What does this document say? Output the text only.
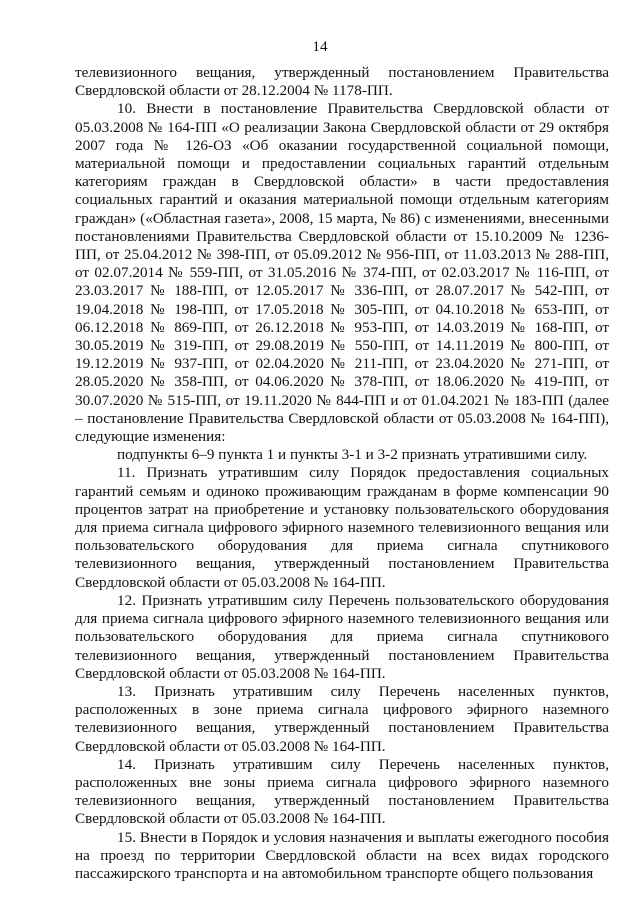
14

телевизионного вещания, утвержденный постановлением Правительства Свердловской области от 28.12.2004 № 1178-ПП.

10. Внести в постановление Правительства Свердловской области от 05.03.2008 № 164-ПП «О реализации Закона Свердловской области от 29 октября 2007 года № 126-ОЗ «Об оказании государственной социальной помощи, материальной помощи и предоставлении социальных гарантий отдельным категориям граждан в Свердловской области» в части предоставления социальных гарантий и оказания материальной помощи отдельным категориям граждан» («Областная газета», 2008, 15 марта, № 86) с изменениями, внесенными постановлениями Правительства Свердловской области от 15.10.2009 № 1236-ПП, от 25.04.2012 № 398-ПП, от 05.09.2012 № 956-ПП, от 11.03.2013 № 288-ПП, от 02.07.2014 № 559-ПП, от 31.05.2016 № 374-ПП, от 02.03.2017 № 116-ПП, от 23.03.2017 № 188-ПП, от 12.05.2017 № 336-ПП, от 28.07.2017 № 542-ПП, от 19.04.2018 № 198-ПП, от 17.05.2018 № 305-ПП, от 04.10.2018 № 653-ПП, от 06.12.2018 № 869-ПП, от 26.12.2018 № 953-ПП, от 14.03.2019 № 168-ПП, от 30.05.2019 № 319-ПП, от 29.08.2019 № 550-ПП, от 14.11.2019 № 800-ПП, от 19.12.2019 № 937-ПП, от 02.04.2020 № 211-ПП, от 23.04.2020 № 271-ПП, от 28.05.2020 № 358-ПП, от 04.06.2020 № 378-ПП, от 18.06.2020 № 419-ПП, от 30.07.2020 № 515-ПП, от 19.11.2020 № 844-ПП и от 01.04.2021 № 183-ПП (далее – постановление Правительства Свердловской области от 05.03.2008 № 164-ПП), следующие изменения:

подпункты 6–9 пункта 1 и пункты 3-1 и 3-2 признать утратившими силу.

11. Признать утратившим силу Порядок предоставления социальных гарантий семьям и одиноко проживающим гражданам в форме компенсации 90 процентов затрат на приобретение и установку пользовательского оборудования для приема сигнала цифрового эфирного наземного телевизионного вещания или пользовательского оборудования для приема сигнала спутникового телевизионного вещания, утвержденный постановлением Правительства Свердловской области от 05.03.2008 № 164-ПП.

12. Признать утратившим силу Перечень пользовательского оборудования для приема сигнала цифрового эфирного наземного телевизионного вещания или пользовательского оборудования для приема сигнала спутникового телевизионного вещания, утвержденный постановлением Правительства Свердловской области от 05.03.2008 № 164-ПП.

13. Признать утратившим силу Перечень населенных пунктов, расположенных в зоне приема сигнала цифрового эфирного наземного телевизионного вещания, утвержденный постановлением Правительства Свердловской области от 05.03.2008 № 164-ПП.

14. Признать утратившим силу Перечень населенных пунктов, расположенных вне зоны приема сигнала цифрового эфирного наземного телевизионного вещания, утвержденный постановлением Правительства Свердловской области от 05.03.2008 № 164-ПП.

15. Внести в Порядок и условия назначения и выплаты ежегодного пособия на проезд по территории Свердловской области на всех видах городского пассажирского транспорта и на автомобильном транспорте общего пользования
